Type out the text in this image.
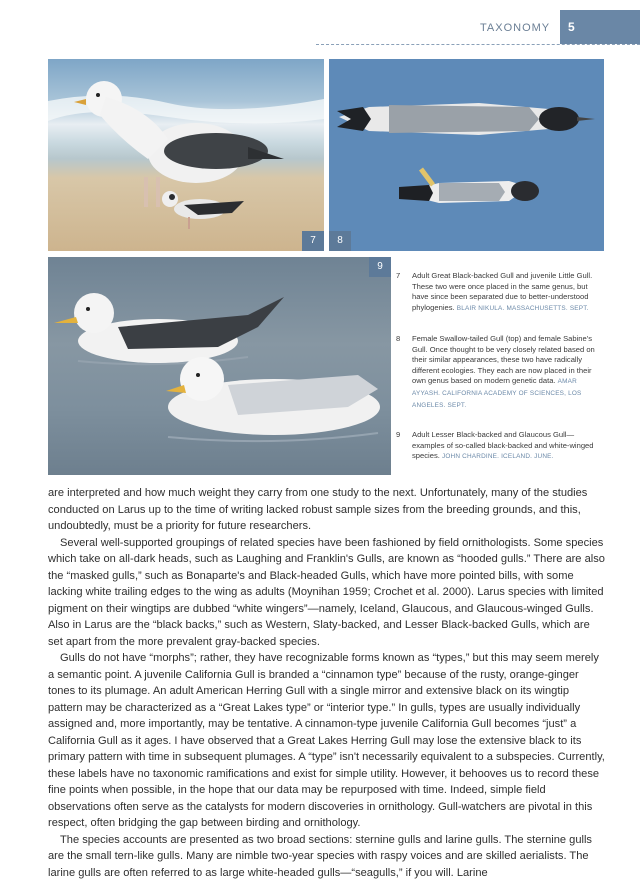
5
TAXONOMY
7	8
9
7	Adult Great Black-backed Gull and juvenile Little Gull. These two were once placed in the same genus, but have since been separated due to better-understood phylogenies. BLAIR NIKULA. MASSACHUSETTS. SEPT.
8	Female Swallow-tailed Gull (top) and female Sabine's Gull. Once thought to be very closely related based on their similar appearances, these two have radically different ecologies. They each are now placed in their own genus based on modern genetic data. AMAR AYYASH. CALIFORNIA ACADEMY OF SCIENCES, LOS ANGELES. SEPT.
9	Adult Lesser Black-backed and Glaucous Gull—examples of so-called black-backed and white-winged species. JOHN CHARDINE. ICELAND. JUNE.

are interpreted and how much weight they carry from one study to the next. Unfortunately, many of the studies conducted on Larus up to the time of writing lacked robust sample sizes from the breeding grounds, and this, undoubtedly, must be a priority for future researchers.

Several well-supported groupings of related species have been fashioned by field ornithologists. Some species which take on all-dark heads, such as Laughing and Franklin's Gulls, are known as “hooded gulls.” There are also the “masked gulls,” such as Bonaparte's and Black-headed Gulls, which have more pointed bills, with some lacking white trailing edges to the wing as adults (Moynihan 1959; Crochet et al. 2000). Larus species with limited pigment on their wingtips are dubbed “white wingers”—namely, Iceland, Glaucous, and Glaucous-winged Gulls. Also in Larus are the “black backs,” such as Western, Slaty-backed, and Lesser Black-backed Gulls, which are set apart from the more prevalent gray-backed species.

Gulls do not have “morphs”; rather, they have recognizable forms known as “types,” but this may seem merely a semantic point. A juvenile California Gull is branded a “cinnamon type” because of the rusty, orange-ginger tones to its plumage. An adult American Herring Gull with a single mirror and extensive black on its wingtip pattern may be characterized as a “Great Lakes type” or “interior type.” In gulls, types are usually individually assigned and, more importantly, may be tentative. A cinnamon-type juvenile California Gull becomes “just” a California Gull as it ages. I have observed that a Great Lakes Herring Gull may lose the extensive black to its primary pattern with time in subsequent plumages. A “type” isn't necessarily equivalent to a subspecies. Currently, these labels have no taxonomic ramifications and exist for simple utility. However, it behooves us to record these fine points when possible, in the hope that our data may be repurposed with time. Indeed, simple field observations often serve as the catalysts for modern discoveries in ornithology. Gull-watchers are pivotal in this respect, often bridging the gap between birding and ornithology.

The species accounts are presented as two broad sections: sternine gulls and larine gulls. The sternine gulls are the small tern-like gulls. Many are nimble two-year species with raspy voices and are skilled aerialists. The larine gulls are often referred to as large white-headed gulls—“seagulls,” if you will. Larine
